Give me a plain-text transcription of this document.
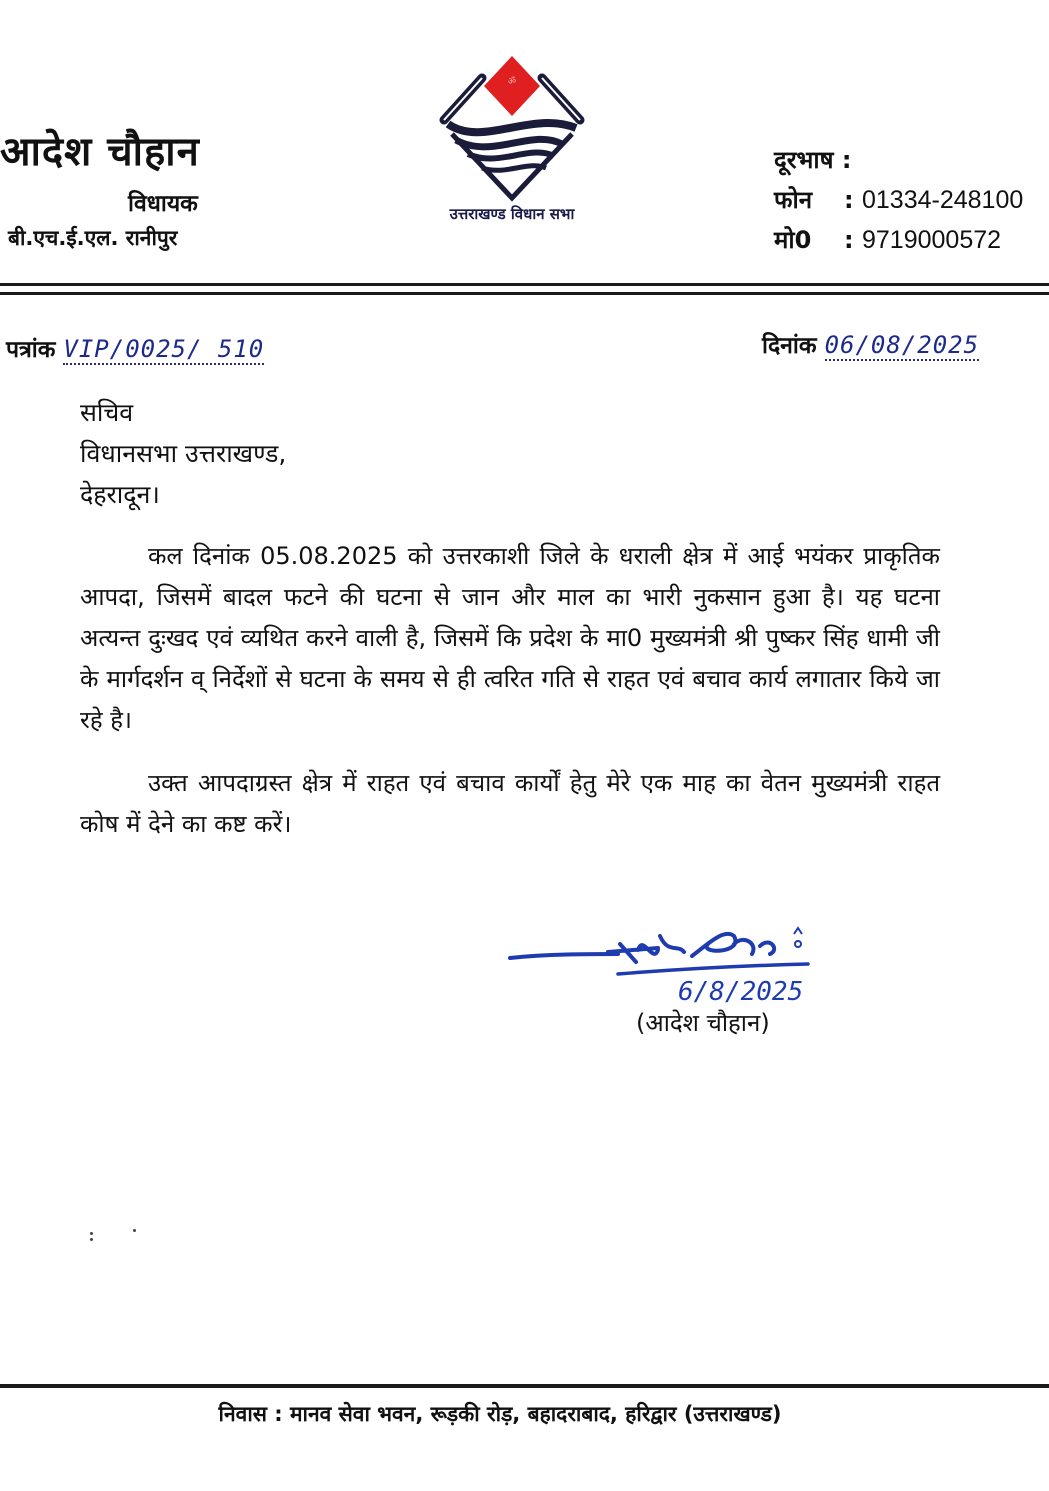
आदेश चौहान
विधायक
बी.एच.ई.एल. रानीपुर
ॐ
उत्तराखण्ड विधान सभा
दूरभाष :
फोन : 01334-248100
मो0 : 9719000572
पत्रांक VIP/0025/ 510	दिनांक 06/08/2025
सचिव
विधानसभा उत्तराखण्ड,
देहरादून।

कल दिनांक 05.08.2025 को उत्तरकाशी जिले के धराली क्षेत्र में आई भयंकर प्राकृतिक आपदा, जिसमें बादल फटने की घटना से जान और माल का भारी नुकसान हुआ है। यह घटना अत्यन्त दुःखद एवं व्यथित करने वाली है, जिसमें कि प्रदेश के मा0 मुख्यमंत्री श्री पुष्कर सिंह धामी जी के मार्गदर्शन व् निर्देशों से घटना के समय से ही त्वरित गति से राहत एवं बचाव कार्य लगातार किये जा रहे है।

उक्त आपदाग्रस्त क्षेत्र में राहत एवं बचाव कार्यों हेतु मेरे एक माह का वेतन मुख्यमंत्री राहत कोष में देने का कष्ट करें।

6/8/2025
(आदेश चौहान)
निवास : मानव सेवा भवन, रूड़की रोड़, बहादराबाद, हरिद्वार (उत्तराखण्ड)
